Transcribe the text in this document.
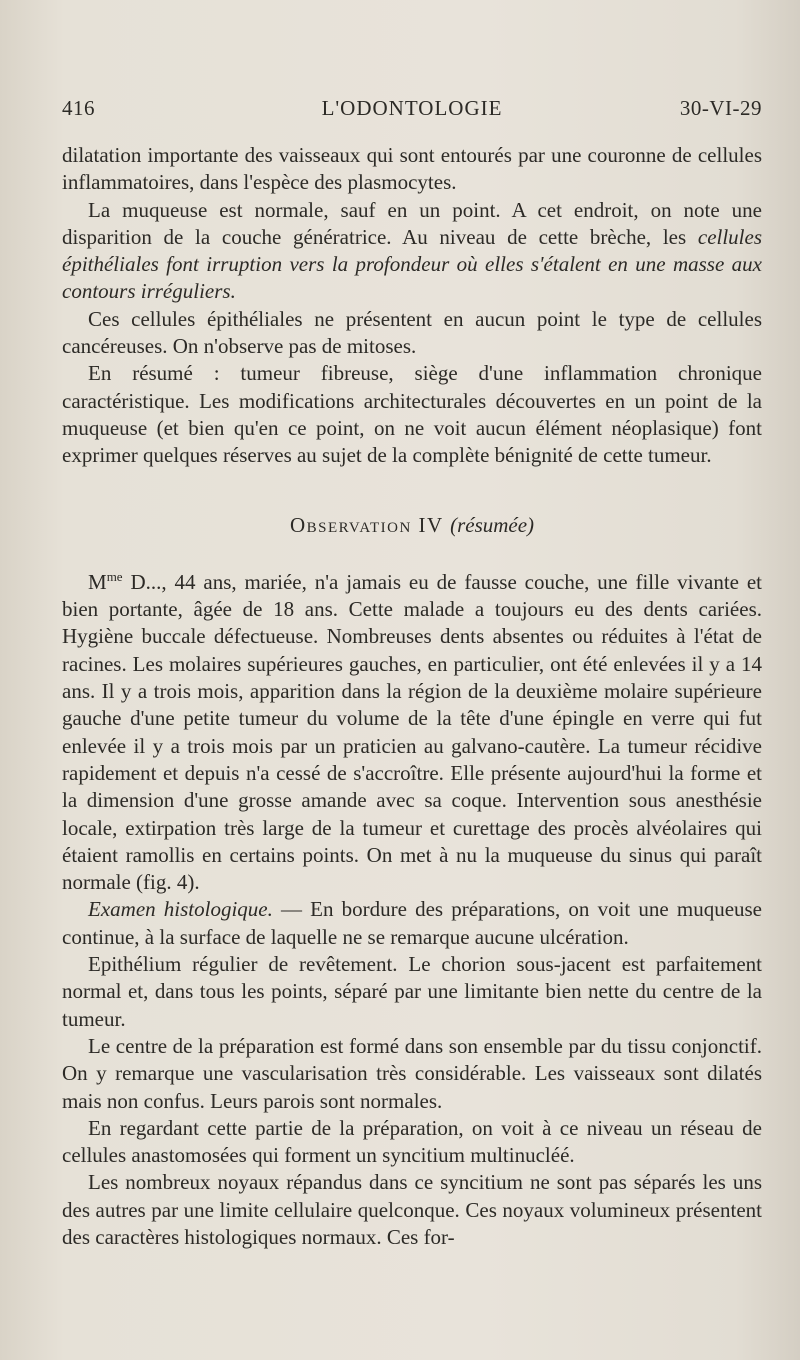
416	L'ODONTOLOGIE	30-VI-29

dilatation importante des vaisseaux qui sont entourés par une couronne de cellules inflammatoires, dans l'espèce des plasmocytes.

La muqueuse est normale, sauf en un point. A cet endroit, on note une disparition de la couche génératrice. Au niveau de cette brèche, les cellules épithéliales font irruption vers la profondeur où elles s'étalent en une masse aux contours irréguliers.

Ces cellules épithéliales ne présentent en aucun point le type de cellules cancéreuses. On n'observe pas de mitoses.

En résumé : tumeur fibreuse, siège d'une inflammation chronique caractéristique. Les modifications architecturales découvertes en un point de la muqueuse (et bien qu'en ce point, on ne voit aucun élément néoplasique) font exprimer quelques réserves au sujet de la complète bénignité de cette tumeur.

Observation IV (résumée)

$M^{me}$ D..., 44 ans, mariée, n'a jamais eu de fausse couche, une fille vivante et bien portante, âgée de 18 ans. Cette malade a toujours eu des dents cariées. Hygiène buccale défectueuse. Nombreuses dents absentes ou réduites à l'état de racines. Les molaires supérieures gauches, en particulier, ont été enlevées il y a 14 ans. Il y a trois mois, apparition dans la région de la deuxième molaire supérieure gauche d'une petite tumeur du volume de la tête d'une épingle en verre qui fut enlevée il y a trois mois par un praticien au galvano-cautère. La tumeur récidive rapidement et depuis n'a cessé de s'accroître. Elle présente aujourd'hui la forme et la dimension d'une grosse amande avec sa coque. Intervention sous anesthésie locale, extirpation très large de la tumeur et curettage des procès alvéolaires qui étaient ramollis en certains points. On met à nu la muqueuse du sinus qui paraît normale (fig. 4).

Examen histologique. — En bordure des préparations, on voit une muqueuse continue, à la surface de laquelle ne se remarque aucune ulcération.

Epithélium régulier de revêtement. Le chorion sous-jacent est parfaitement normal et, dans tous les points, séparé par une limitante bien nette du centre de la tumeur.

Le centre de la préparation est formé dans son ensemble par du tissu conjonctif. On y remarque une vascularisation très considérable. Les vaisseaux sont dilatés mais non confus. Leurs parois sont normales.

En regardant cette partie de la préparation, on voit à ce niveau un réseau de cellules anastomosées qui forment un syncitium multinucléé.

Les nombreux noyaux répandus dans ce syncitium ne sont pas séparés les uns des autres par une limite cellulaire quelconque. Ces noyaux volumineux présentent des caractères histologiques normaux. Ces for-
